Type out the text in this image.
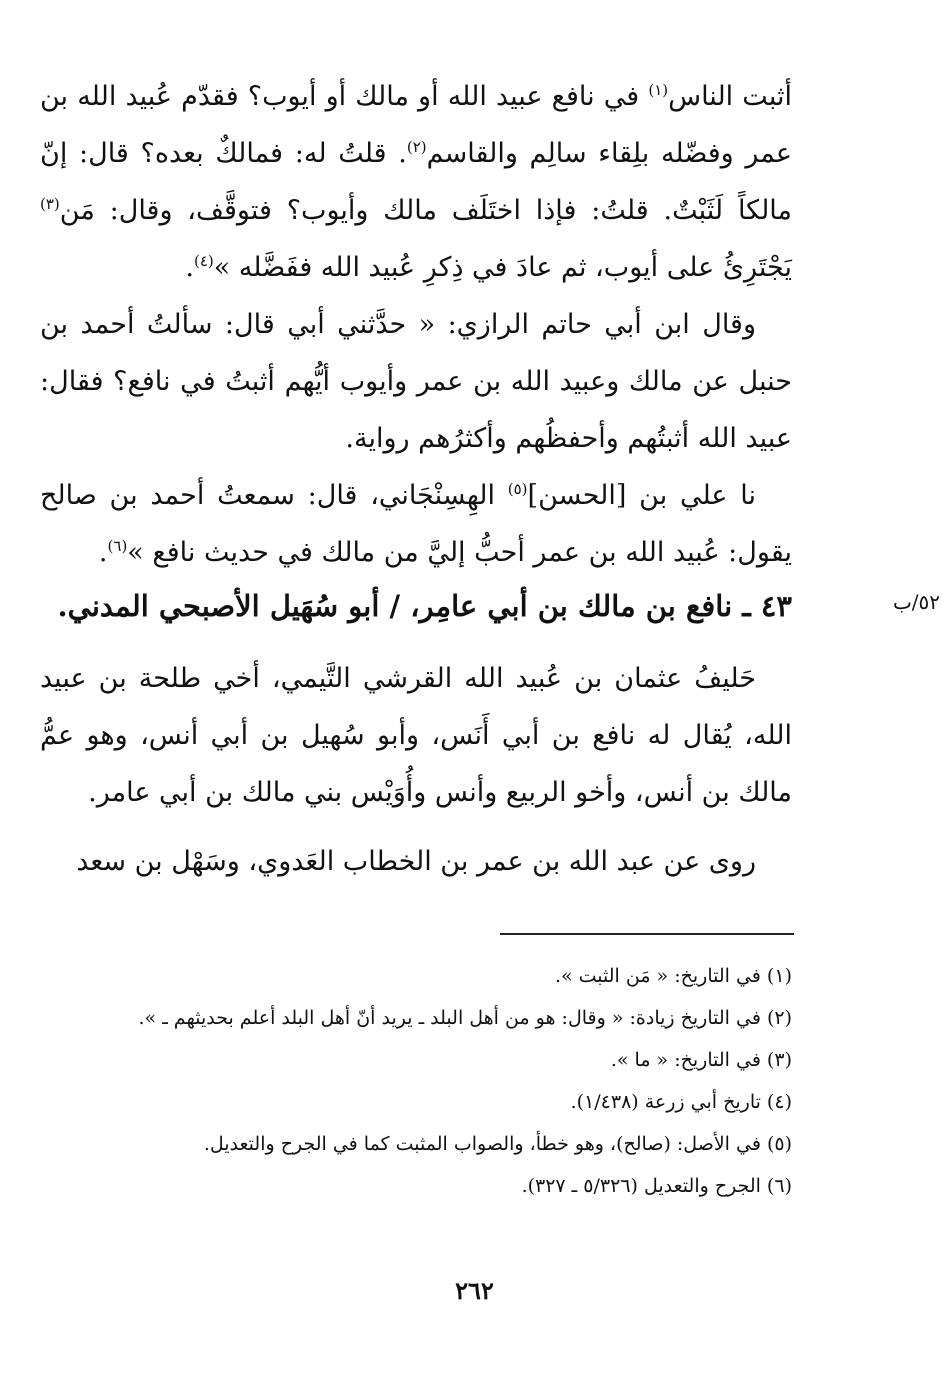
أثبت الناس$^{(١)}$ في نافع عبيد الله أو مالك أو أيوب؟ فقدّم عُبيد الله بن عمر وفضّله بلِقاء سالِم والقاسم$^{(٢)}$. قلتُ له: فمالكٌ بعده؟ قال: إنّ مالكاً لَثَبْتٌ. قلتُ: فإذا اختَلَف مالك وأيوب؟ فتوقَّف، وقال: مَن$^{(٣)}$ يَجْتَرِئُ على أيوب، ثم عادَ في ذِكرِ عُبيد الله ففَضَّله »$^{(٤)}$.

وقال ابن أبي حاتم الرازي: « حدَّثني أبي قال: سألتُ أحمد بن حنبل عن مالك وعبيد الله بن عمر وأيوب أيُّهم أثبتُ في نافع؟ فقال: عبيد الله أثبتُهم وأحفظُهم وأكثرُهم رواية.

نا علي بن [الحسن]$^{(٥)}$ الهِسِنْجَاني، قال: سمعتُ أحمد بن صالح يقول: عُبيد الله بن عمر أحبُّ إليَّ من مالك في حديث نافع »$^{(٦)}$.

٥٢/ب
٤٣ ـ نافع بن مالك بن أبي عامِر، / أبو سُهَيل الأصبحي المدني.

حَليفُ عثمان بن عُبيد الله القرشي التَّيمي، أخي طلحة بن عبيد الله، يُقال له نافع بن أبي أَنَس، وأبو سُهيل بن أبي أنس، وهو عمُّ مالك بن أنس، وأخو الربيع وأنس وأُوَيْس بني مالك بن أبي عامر.

روى عن عبد الله بن عمر بن الخطاب العَدوي، وسَهْل بن سعد

(١) في التاريخ: « مَن الثبت ».

(٢) في التاريخ زيادة: « وقال: هو من أهل البلد ـ يريد أنّ أهل البلد أعلم بحديثهم ـ ».

(٣) في التاريخ: « ما ».

(٤) تاريخ أبي زرعة (١/٤٣٨).

(٥) في الأصل: (صالح)، وهو خطأ، والصواب المثبت كما في الجرح والتعديل.

(٦) الجرح والتعديل (٥/٣٢٦ ـ ٣٢٧).

٢٦٢
